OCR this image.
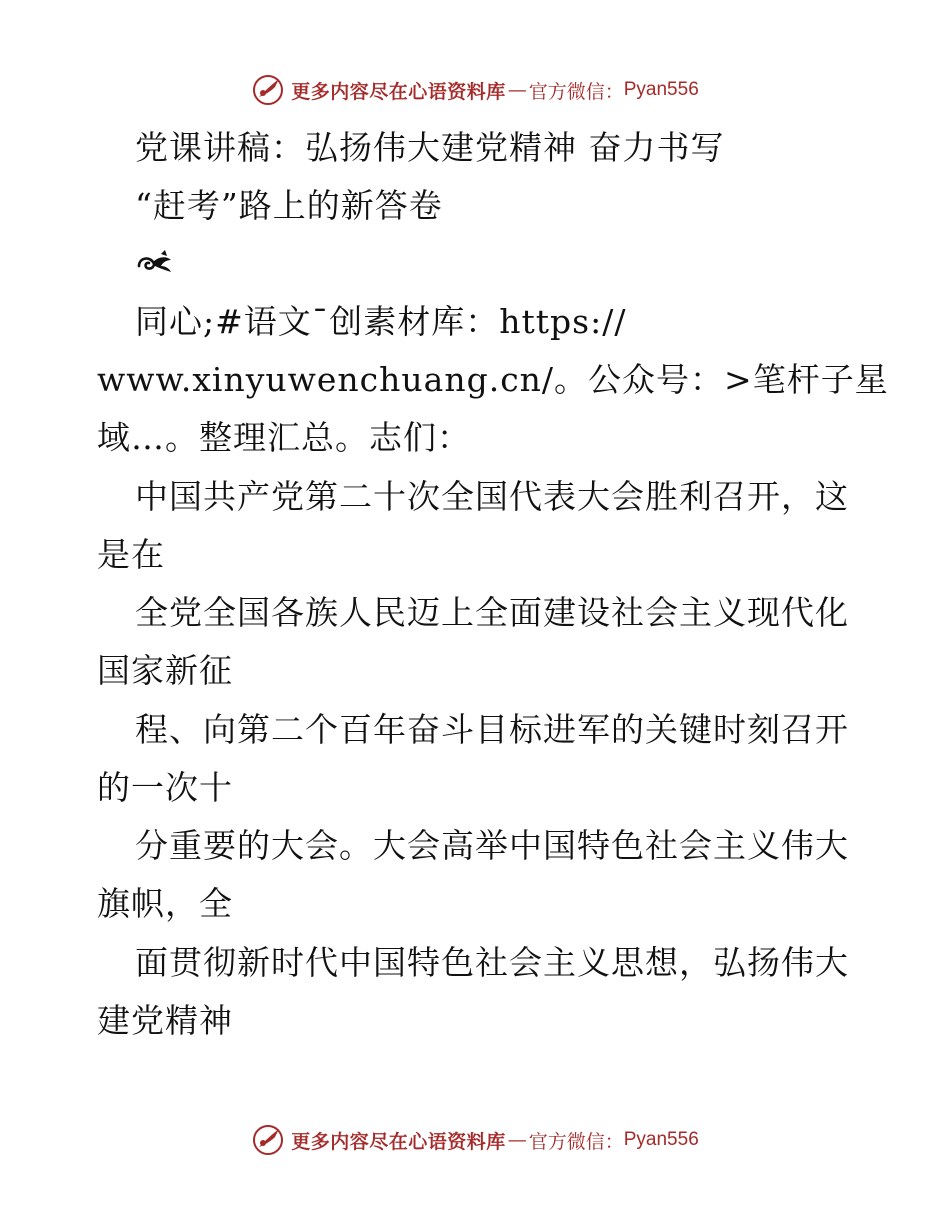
更多内容尽在心语资料库 — 官方微信： Pyan556
党课讲稿：弘扬伟大建党精神 奋力书写
“赶考”路上的新答卷
同心;#语文¯创素材库：https://
www.xinyuwenchuang.cn/。公众号：>笔杆子星
域…。整理汇总。志们：
中国共产党第二十次全国代表大会胜利召开，这
是在
全党全国各族人民迈上全面建设社会主义现代化
国家新征
程、向第二个百年奋斗目标进军的关键时刻召开
的一次十
分重要的大会。大会高举中国特色社会主义伟大
旗帜，全
面贯彻新时代中国特色社会主义思想，弘扬伟大
建党精神
更多内容尽在心语资料库 — 官方微信： Pyan556
